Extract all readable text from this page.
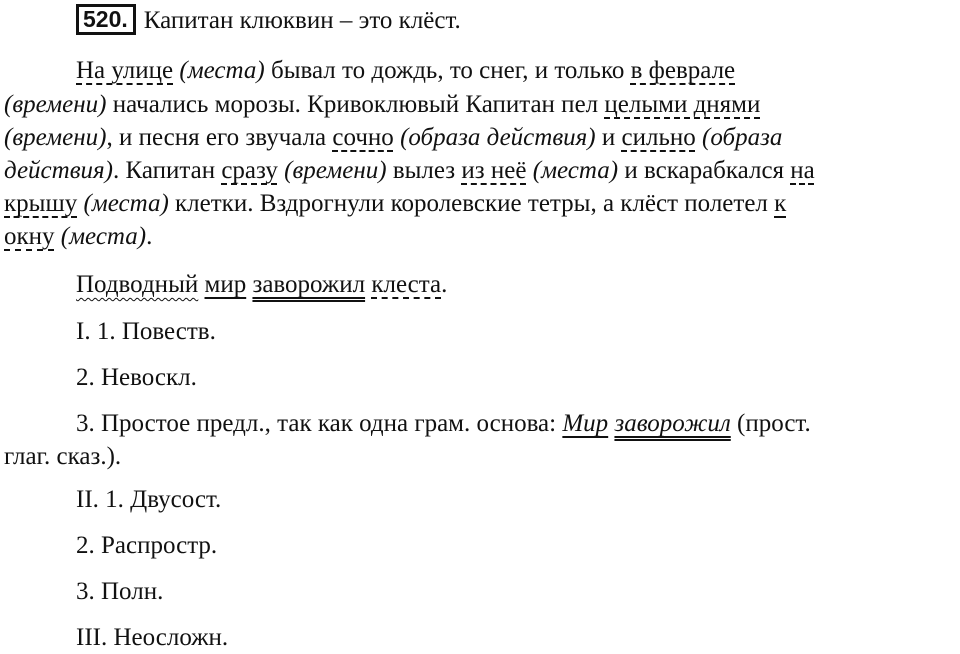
520. Капитан клюквин – это клёст.
На улице (места) бывал то дождь, то снег, и только в феврале
(времени) начались морозы. Кривоклювый Капитан пел целыми днями
(времени), и песня его звучала сочно (образа действия) и сильно (образа
действия). Капитан сразу (времени) вылез из неё (места) и вскарабкался на
крышу (места) клетки. Вздрогнули королевские тетры, а клёст полетел к
окну (места).
Подводный мир заворожил клеста.
I. 1. Повеств.
2. Невоскл.
3. Простое предл., так как одна грам. основа: Мир заворожил (прост.
глаг. сказ.).
II. 1. Двусост.
2. Распростр.
3. Полн.
III. Неосложн.
